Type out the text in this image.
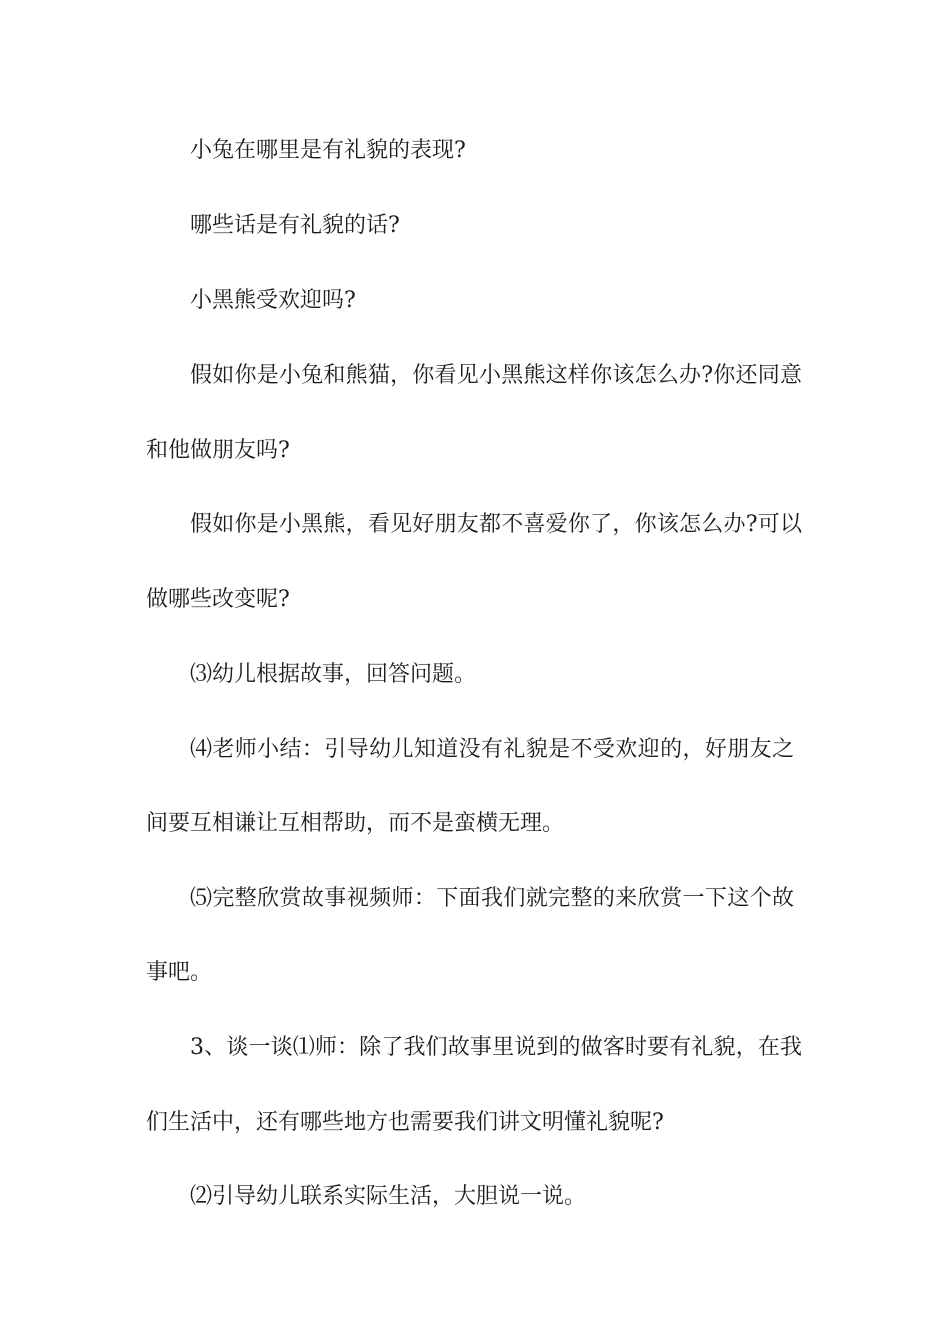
小兔在哪里是有礼貌的表现?
哪些话是有礼貌的话?
小黑熊受欢迎吗?
假如你是小兔和熊猫，你看见小黑熊这样你该怎么办?你还同意
和他做朋友吗?
假如你是小黑熊，看见好朋友都不喜爱你了，你该怎么办?可以
做哪些改变呢?
⑶幼儿根据故事，回答问题。
⑷老师小结：引导幼儿知道没有礼貌是不受欢迎的，好朋友之
间要互相谦让互相帮助，而不是蛮横无理。
⑸完整欣赏故事视频师：下面我们就完整的来欣赏一下这个故
事吧。
3、谈一谈⑴师：除了我们故事里说到的做客时要有礼貌，在我
们生活中，还有哪些地方也需要我们讲文明懂礼貌呢?
⑵引导幼儿联系实际生活，大胆说一说。
